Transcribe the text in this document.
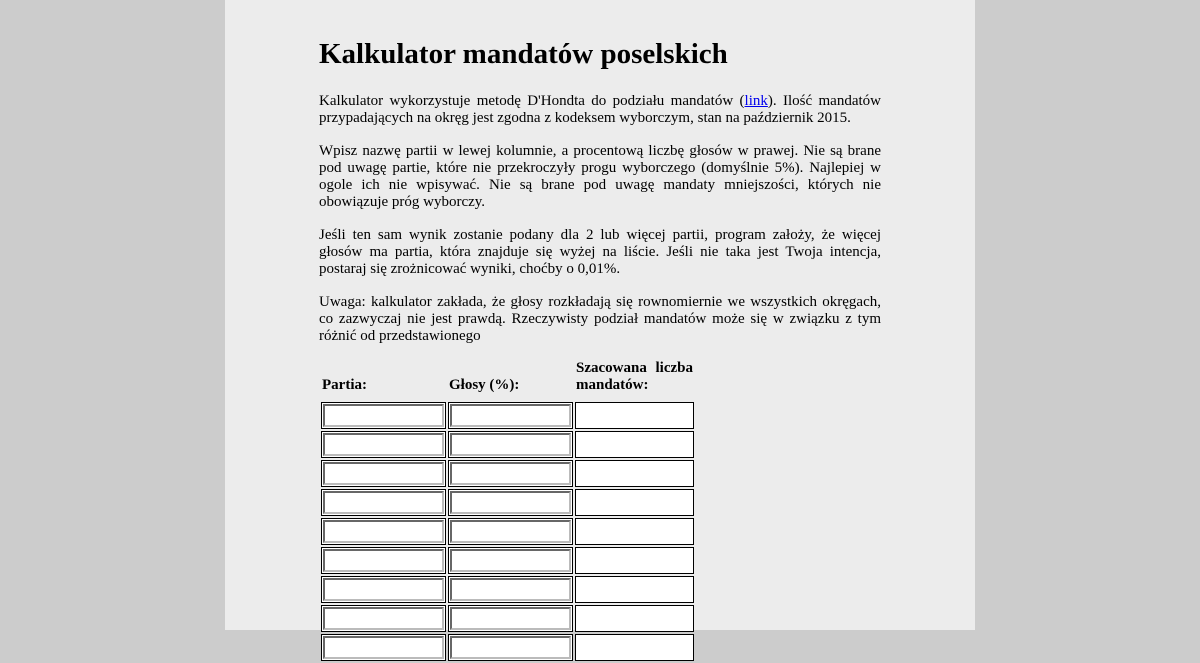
Kalkulator mandatów poselskich

Kalkulator wykorzystuje metodę D'Hondta do podziału mandatów (link). Ilość mandatów przypadających na okręg jest zgodna z kodeksem wyborczym, stan na październik 2015.

Wpisz nazwę partii w lewej kolumnie, a procentową liczbę głosów w prawej. Nie są brane pod uwagę partie, które nie przekroczyły progu wyborczego (domyślnie 5%). Najlepiej w ogole ich nie wpisywać. Nie są brane pod uwagę mandaty mniejszości, których nie obowiązuje próg wyborczy.

Jeśli ten sam wynik zostanie podany dla 2 lub więcej partii, program założy, że więcej głosów ma partia, która znajduje się wyżej na liście. Jeśli nie taka jest Twoja intencja, postaraj się zrożnicować wyniki, choćby o 0,01%.

Uwaga: kalkulator zakłada, że głosy rozkładają się rownomiernie we wszystkich okręgach, co zazwyczaj nie jest prawdą. Rzeczywisty podział mandatów może się w związku z tym różnić od przedstawionego

Partia:	Głosy (%):	Szacowana liczba mandatów:
